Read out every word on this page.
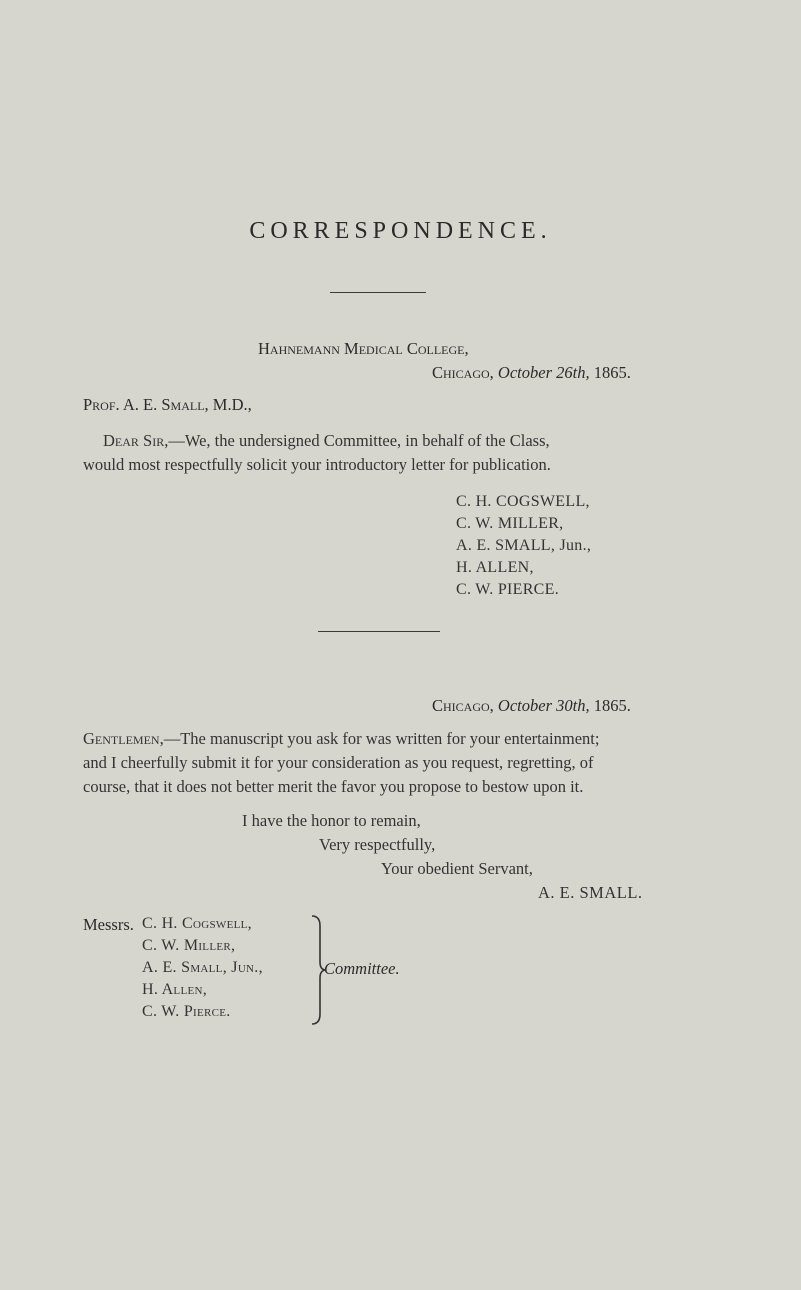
CORRESPONDENCE.
Hahnemann Medical College,
Chicago, October 26th, 1865.
Prof. A. E. Small, M.D.,
Dear Sir,—We, the undersigned Committee, in behalf of the Class,
would most respectfully solicit your introductory letter for publication.
C. H. COGSWELL,
C. W. MILLER,
A. E. SMALL, Jun.,
H. ALLEN,
C. W. PIERCE.
Chicago, October 30th, 1865.
Gentlemen,—The manuscript you ask for was written for your entertainment;
and I cheerfully submit it for your consideration as you request, regretting, of
course, that it does not better merit the favor you propose to bestow upon it.
I have the honor to remain,
Very respectfully,
Your obedient Servant,
A. E. SMALL.
Messrs. C. H. Cogswell,
C. W. Miller,
A. E. Small, Jun.,
H. Allen,
C. W. Pierce.
Committee.
